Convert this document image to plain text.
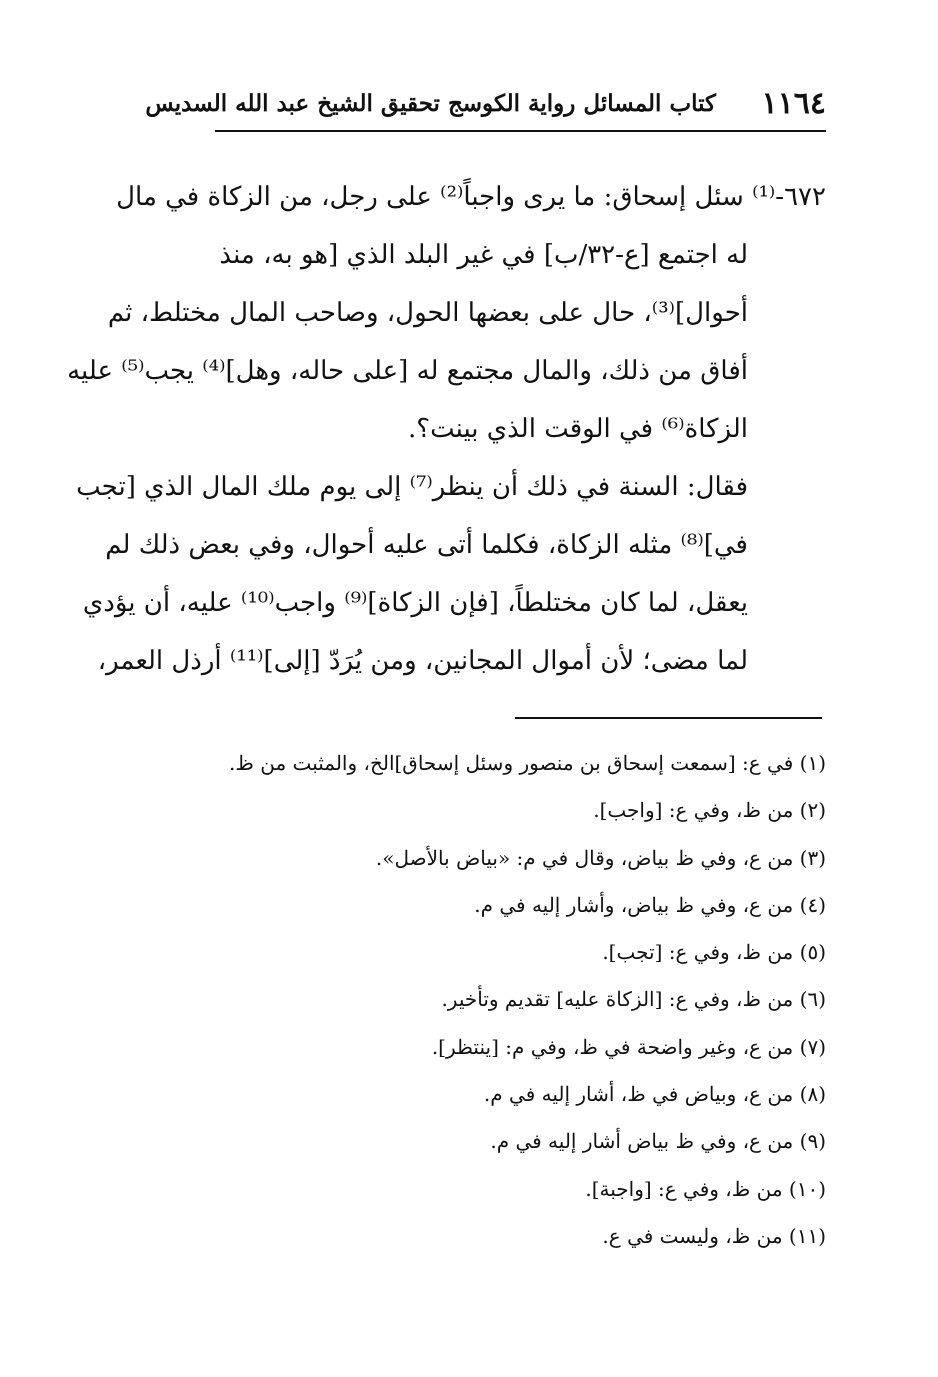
١١٦٤
كتاب المسائل رواية الكوسج تحقيق الشيخ عبد الله السديس
٦٧٢-⁽¹⁾ سئل إسحاق: ما يرى واجباً⁽²⁾ على رجل، من الزكاة في مال
له اجتمع [ع-٣٢/ب] في غير البلد الذي [هو به، منذ
أحوال]⁽³⁾، حال على بعضها الحول، وصاحب المال مختلط، ثم
أفاق من ذلك، والمال مجتمع له [على حاله، وهل]⁽⁴⁾ يجب⁽⁵⁾ عليه
الزكاة⁽⁶⁾ في الوقت الذي بينت؟.
فقال: السنة في ذلك أن ينظر⁽⁷⁾ إلى يوم ملك المال الذي [تجب
في]⁽⁸⁾ مثله الزكاة، فكلما أتى عليه أحوال، وفي بعض ذلك لم
يعقل، لما كان مختلطاً، [فإن الزكاة]⁽⁹⁾ واجب⁽¹⁰⁾ عليه، أن يؤدي
لما مضى؛ لأن أموال المجانين، ومن يُرَدّ [إلى]⁽¹¹⁾ أرذل العمر،
(١) في ع: [سمعت إسحاق بن منصور وسئل إسحاق]الخ، والمثبت من ظ.
(٢) من ظ، وفي ع: [واجب].
(٣) من ع، وفي ظ بياض، وقال في م: «بياض بالأصل».
(٤) من ع، وفي ظ بياض، وأشار إليه في م.
(٥) من ظ، وفي ع: [تجب].
(٦) من ظ، وفي ع: [الزكاة عليه] تقديم وتأخير.
(٧) من ع، وغير واضحة في ظ، وفي م: [ينتظر].
(٨) من ع، وبياض في ظ، أشار إليه في م.
(٩) من ع، وفي ظ بياض أشار إليه في م.
(١٠) من ظ، وفي ع: [واجبة].
(١١) من ظ، وليست في ع.
